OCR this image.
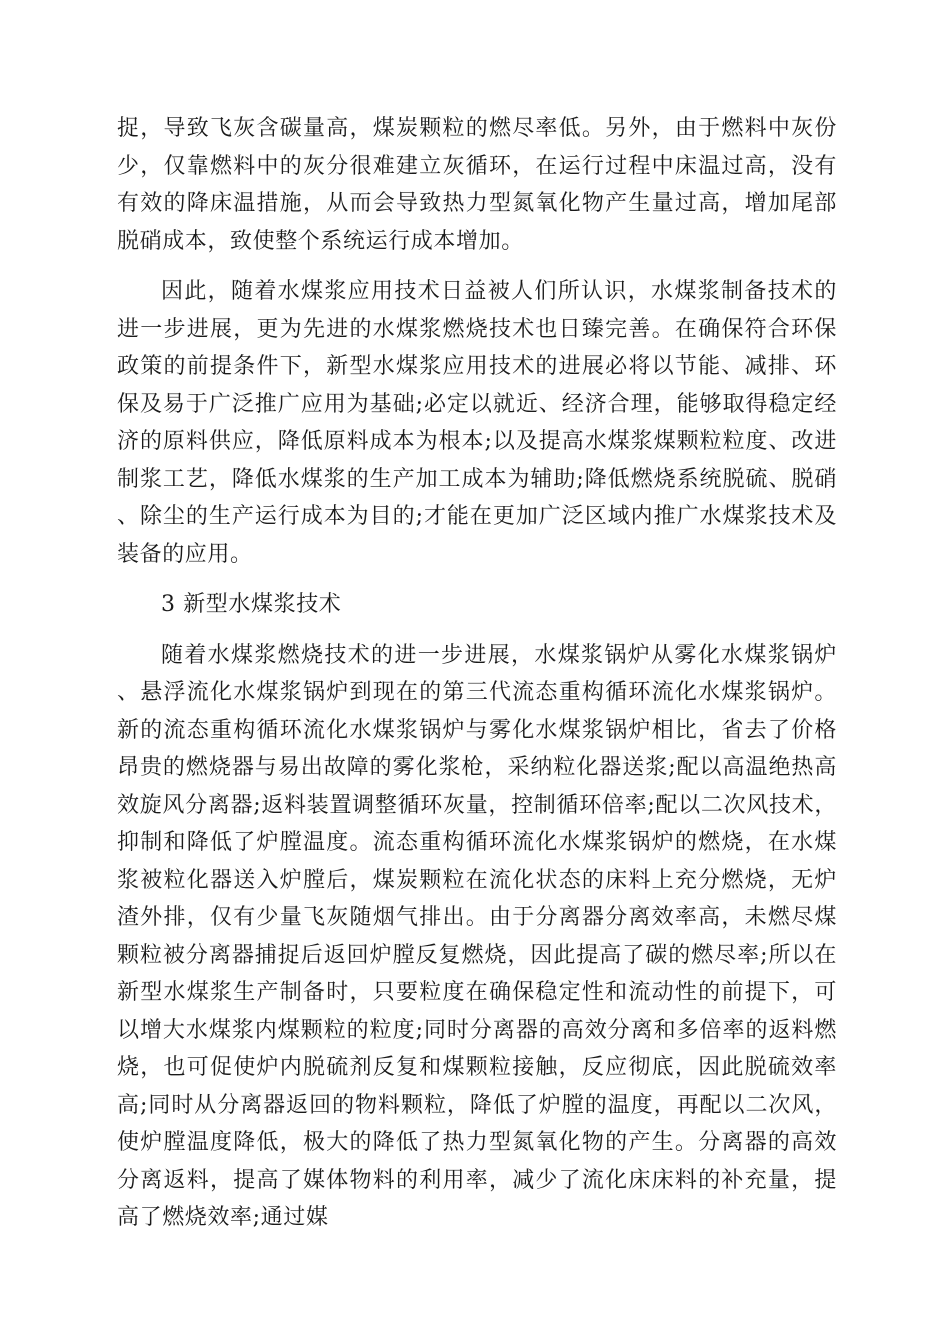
捉，导致飞灰含碳量高，煤炭颗粒的燃尽率低。另外，由于燃料中灰份少，仅靠燃料中的灰分很难建立灰循环，在运行过程中床温过高，没有有效的降床温措施，从而会导致热力型氮氧化物产生量过高，增加尾部脱硝成本，致使整个系统运行成本增加。

因此，随着水煤浆应用技术日益被人们所认识，水煤浆制备技术的进一步进展，更为先进的水煤浆燃烧技术也日臻完善。在确保符合环保政策的前提条件下，新型水煤浆应用技术的进展必将以节能、减排、环保及易于广泛推广应用为基础;必定以就近、经济合理，能够取得稳定经济的原料供应，降低原料成本为根本;以及提高水煤浆煤颗粒粒度、改进制浆工艺，降低水煤浆的生产加工成本为辅助;降低燃烧系统脱硫、脱硝、除尘的生产运行成本为目的;才能在更加广泛区域内推广水煤浆技术及装备的应用。

3 新型水煤浆技术

随着水煤浆燃烧技术的进一步进展，水煤浆锅炉从雾化水煤浆锅炉、悬浮流化水煤浆锅炉到现在的第三代流态重构循环流化水煤浆锅炉。新的流态重构循环流化水煤浆锅炉与雾化水煤浆锅炉相比，省去了价格昂贵的燃烧器与易出故障的雾化浆枪，采纳粒化器送浆;配以高温绝热高效旋风分离器;返料装置调整循环灰量，控制循环倍率;配以二次风技术，抑制和降低了炉膛温度。流态重构循环流化水煤浆锅炉的燃烧，在水煤浆被粒化器送入炉膛后，煤炭颗粒在流化状态的床料上充分燃烧，无炉渣外排，仅有少量飞灰随烟气排出。由于分离器分离效率高，未燃尽煤颗粒被分离器捕捉后返回炉膛反复燃烧，因此提高了碳的燃尽率;所以在新型水煤浆生产制备时，只要粒度在确保稳定性和流动性的前提下，可以增大水煤浆内煤颗粒的粒度;同时分离器的高效分离和多倍率的返料燃烧，也可促使炉内脱硫剂反复和煤颗粒接触，反应彻底，因此脱硫效率高;同时从分离器返回的物料颗粒，降低了炉膛的温度，再配以二次风，使炉膛温度降低，极大的降低了热力型氮氧化物的产生。分离器的高效分离返料，提高了媒体物料的利用率，减少了流化床床料的补充量，提高了燃烧效率;通过媒
